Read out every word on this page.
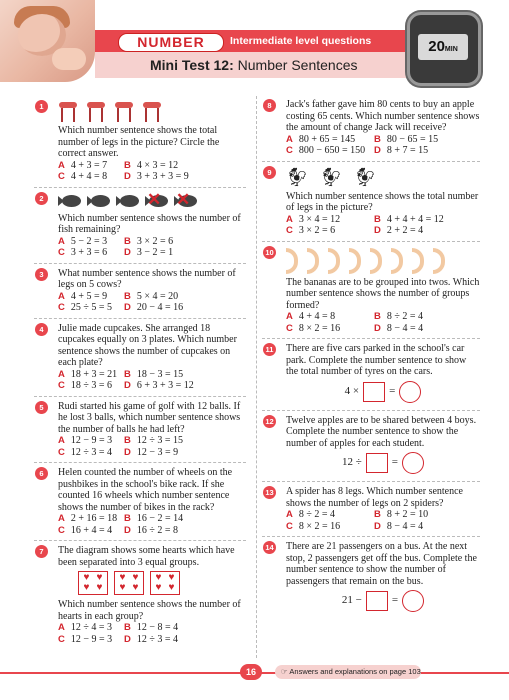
NUMBER	Intermediate level questions
Mini Test 12: Number Sentences
20MIN
1
Which number sentence shows the total number of legs in the picture? Circle the correct answer.
A 4 + 3 = 7	B 4 × 3 = 12
C 4 + 4 = 8	D 3 + 3 + 3 = 9
2	✕ ✕
Which number sentence shows the number of fish remaining?
A 5 − 2 = 3	B 3 × 2 = 6
C 3 + 3 = 6	D 3 − 2 = 1
3	What number sentence shows the number of legs on 5 cows?
A 4 + 5 = 9	B 5 × 4 = 20
C 25 ÷ 5 = 5	D 20 − 4 = 16
4	Julie made cupcakes. She arranged 18 cupcakes equally on 3 plates. Which number sentence shows the number of cupcakes on each plate?
A 18 + 3 = 21 B 18 − 3 = 15
C 18 ÷ 3 = 6	D 6 + 3 + 3 = 12
5	Rudi started his game of golf with 12 balls. If he lost 3 balls, which number sentence shows the number of balls he had left?
A 12 − 9 = 3	B 12 ÷ 3 = 15
C 12 ÷ 3 = 4	D 12 − 3 = 9
6	Helen counted the number of wheels on the pushbikes in the school's bike rack. If she counted 16 wheels which number sentence shows the number of bikes in the rack?
A 2 + 16 = 18 B 16 − 2 = 14
C 16 + 4 = 4	D 16 ÷ 2 = 8
7	The diagram shows some hearts which have been separated into 3 equal groups.
♥ ♥
♥ ♥
♥ ♥
♥ ♥
♥ ♥
♥ ♥
Which number sentence shows the number of hearts in each group?
A 12 ÷ 4 = 3	B 12 − 8 = 4
C 12 − 9 = 3	D 12 ÷ 3 = 4
8	Jack's father gave him 80 cents to buy an apple costing 65 cents. Which number sentence shows the amount of change Jack will receive?
A 80 + 65 = 145	B 80 − 65 = 15
C 800 − 650 = 150 D 8 + 7 = 15
9 🐓︎ 🐓︎ 🐓︎
Which number sentence shows the total number of legs in the picture?
A 3 × 4 = 12	B 4 + 4 + 4 = 12
C 3 × 2 = 6	D 2 + 2 = 4
10
The bananas are to be grouped into twos. Which number sentence shows the number of groups formed?
A 4 + 4 = 8	B 8 ÷ 2 = 4
C 8 × 2 = 16	D 8 − 4 = 4
11 There are five cars parked in the school's car park. Complete the number sentence to show the total number of tyres on the cars.
4 ×	=
12 Twelve apples are to be shared between 4 boys. Complete the number sentence to show the number of apples for each student.
12 ÷	=
13 A spider has 8 legs. Which number sentence shows the number of legs on 2 spiders?
A 8 ÷ 2 = 4	B 8 + 2 = 10
C 8 × 2 = 16	D 8 − 4 = 4
14 There are 21 passengers on a bus. At the next stop, 2 passengers get off the bus. Complete the number sentence to show the number of passengers that remain on the bus.
21 −	=
16	☞ Answers and explanations on page 103
